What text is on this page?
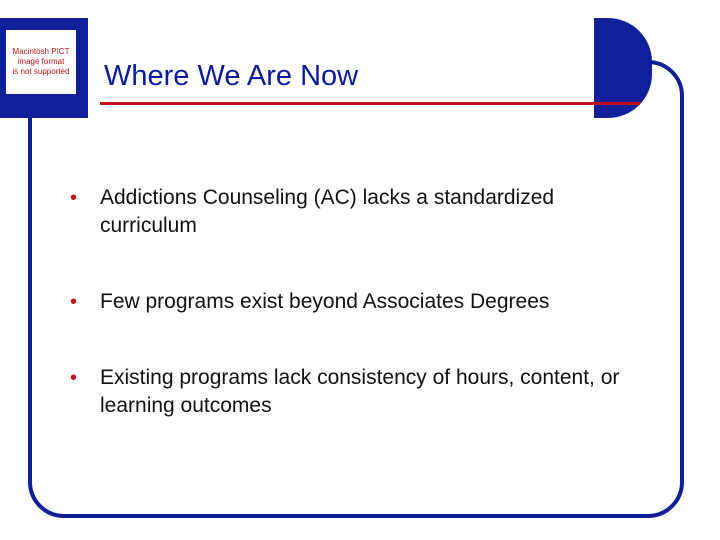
Macintosh PICT
image format
is not supported Where We Are Now
•	Addictions Counseling (AC) lacks a standardized curriculum
•	Few programs exist beyond Associates Degrees
•	Existing programs lack consistency of hours, content, or learning outcomes
